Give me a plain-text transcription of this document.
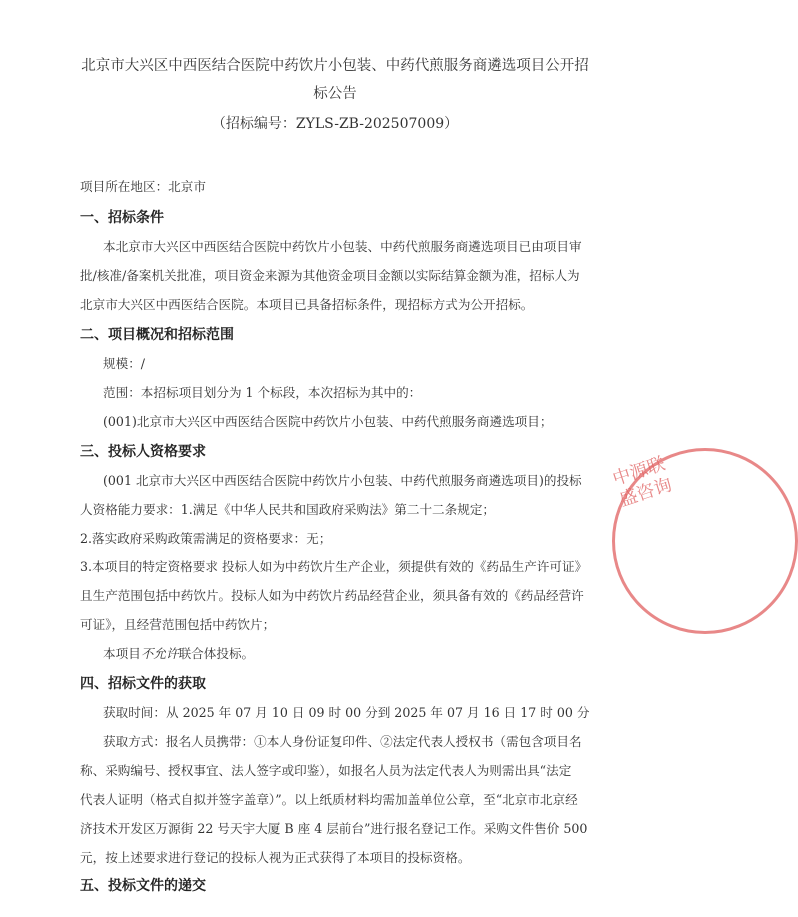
北京市大兴区中西医结合医院中药饮片小包装、中药代煎服务商遴选项目公开招
标公告
（招标编号：ZYLS-ZB-202507009）
项目所在地区：北京市
一、招标条件
本北京市大兴区中西医结合医院中药饮片小包装、中药代煎服务商遴选项目已由项目审
批/核准/备案机关批准，项目资金来源为其他资金项目金额以实际结算金额为准，招标人为
北京市大兴区中西医结合医院。本项目已具备招标条件，现招标方式为公开招标。
二、项目概况和招标范围
规模：/
范围：本招标项目划分为 1 个标段，本次招标为其中的：
(001)北京市大兴区中西医结合医院中药饮片小包装、中药代煎服务商遴选项目；
三、投标人资格要求
(001 北京市大兴区中西医结合医院中药饮片小包装、中药代煎服务商遴选项目)的投标
人资格能力要求：1.满足《中华人民共和国政府采购法》第二十二条规定；
2.落实政府采购政策需满足的资格要求：无；
3.本项目的特定资格要求 投标人如为中药饮片生产企业，须提供有效的《药品生产许可证》
且生产范围包括中药饮片。投标人如为中药饮片药品经营企业，须具备有效的《药品经营许
可证》，且经营范围包括中药饮片；
本项目不允许联合体投标。
四、招标文件的获取
获取时间：从 2025 年 07 月 10 日 09 时 00 分到 2025 年 07 月 16 日 17 时 00 分
获取方式：报名人员携带：①本人身份证复印件、②法定代表人授权书（需包含项目名
称、采购编号、授权事宜、法人签字或印鉴），如报名人员为法定代表人为则需出具“法定
代表人证明（格式自拟并签字盖章）”。以上纸质材料均需加盖单位公章，至“北京市北京经
济技术开发区万源街 22 号天宇大厦 B 座 4 层前台”进行报名登记工作。采购文件售价 500
元，按上述要求进行登记的投标人视为正式获得了本项目的投标资格。
五、投标文件的递交
中源联盛咨询
